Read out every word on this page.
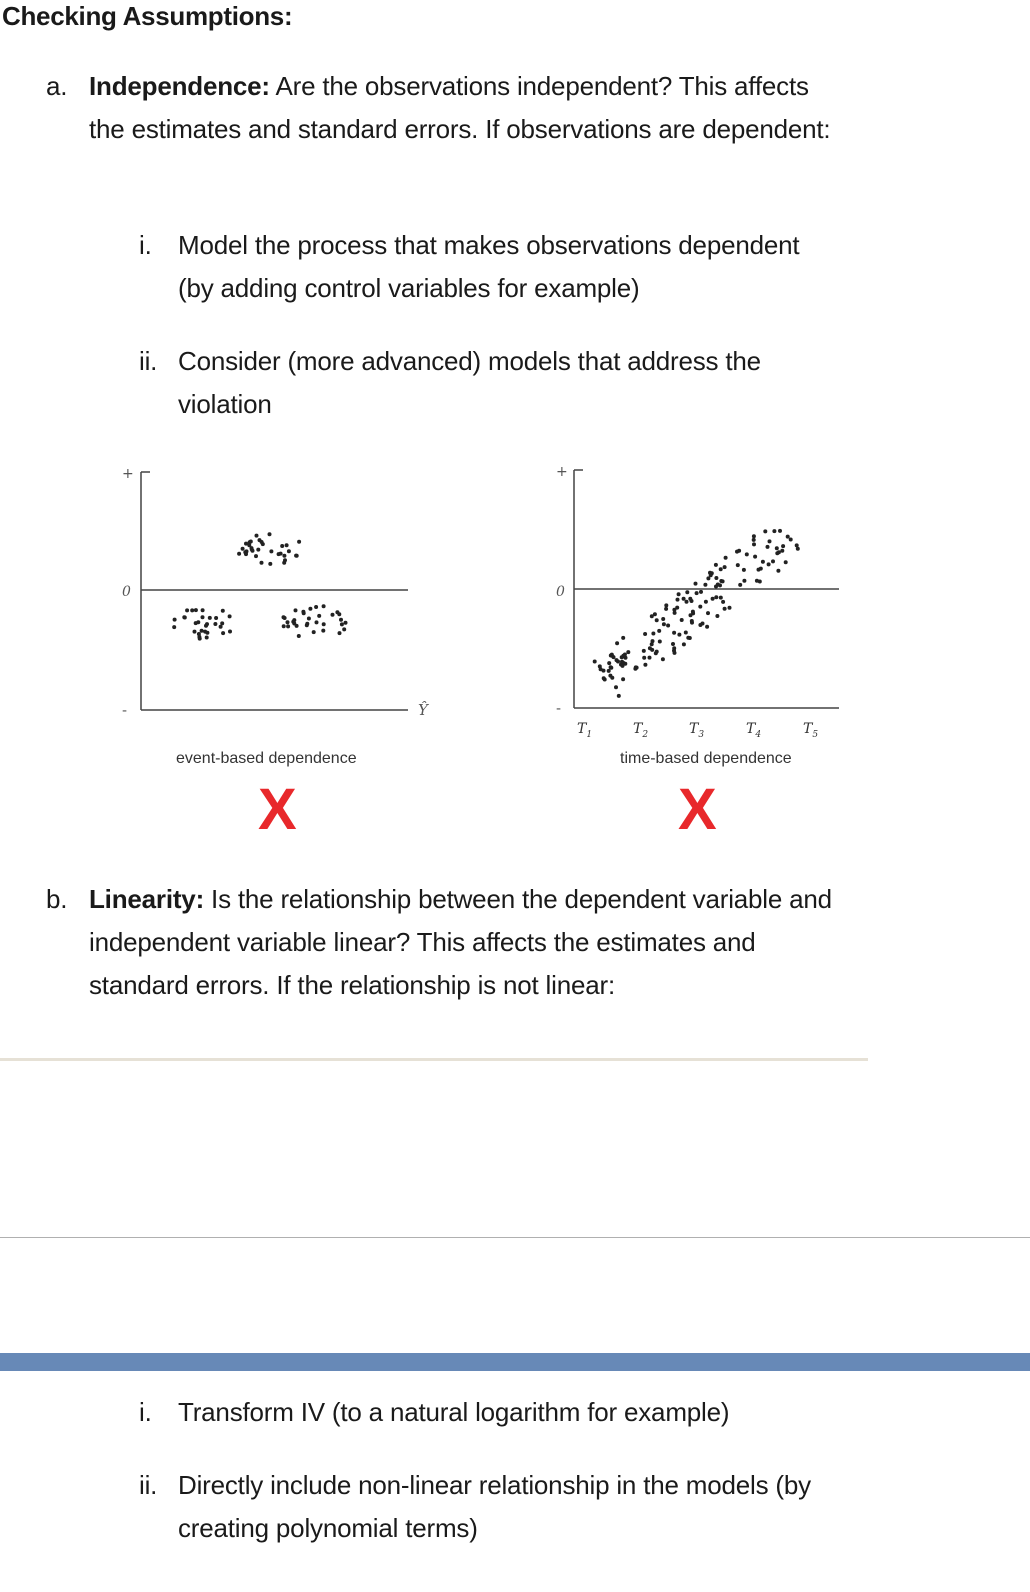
Checking Assumptions:
a. Independence: Are the observations independent? This affects the estimates and standard errors. If observations are dependent:
i. Model the process that makes observations dependent (by adding control variables for example)
ii. Consider (more advanced) models that address the violation
+
0
-	Ŷ
+
0
-
$T_1$	$T_2$	$T_3$	$T_4$	$T_5$
event-based dependence
X
time-based dependence
X
b. Linearity: Is the relationship between the dependent variable and independent variable linear? This affects the estimates and standard errors. If the relationship is not linear:
i. Transform IV (to a natural logarithm for example)
ii. Directly include non-linear relationship in the models (by creating polynomial terms)
